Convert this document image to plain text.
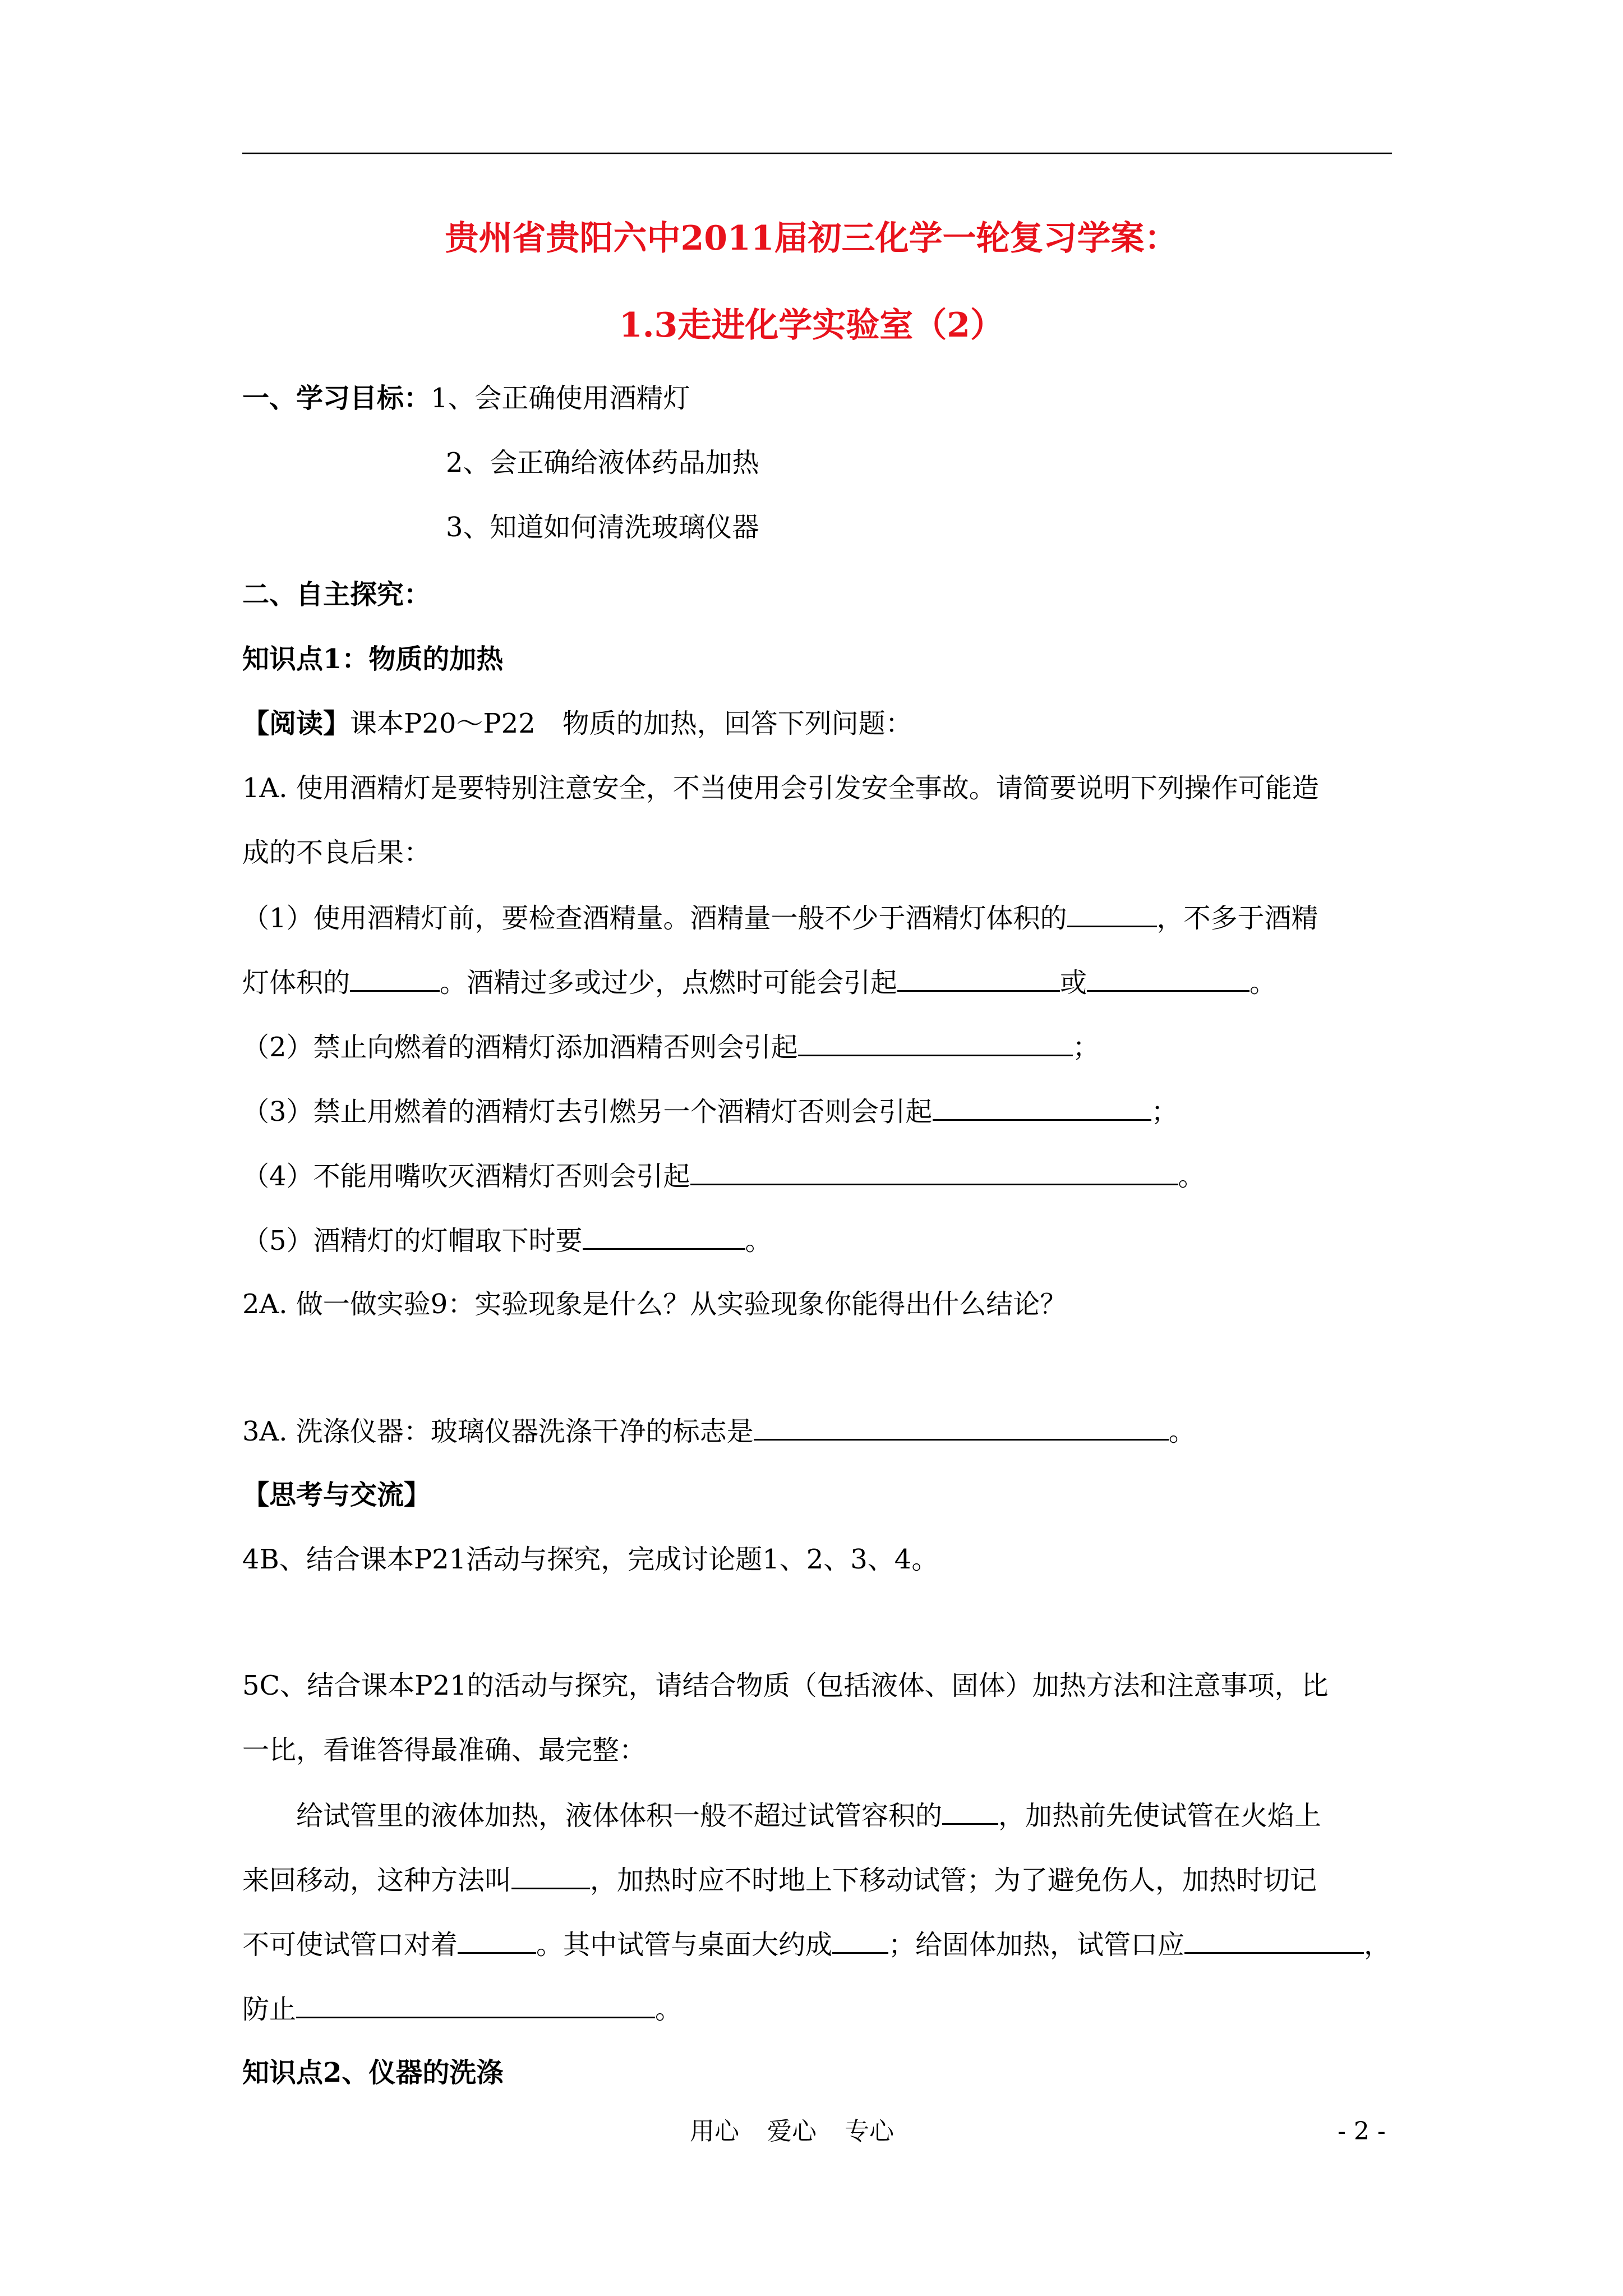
贵州省贵阳六中2011届初三化学一轮复习学案：
1.3走进化学实验室（2）
一、学习目标：1、会正确使用酒精灯
2、会正确给液体药品加热
3、知道如何清洗玻璃仪器
二、自主探究：
知识点1：物质的加热
【阅读】课本P20～P22　物质的加热，回答下列问题：
1A. 使用酒精灯是要特别注意安全，不当使用会引发安全事故。请简要说明下列操作可能造
成的不良后果：
（1）使用酒精灯前，要检查酒精量。酒精量一般不少于酒精灯体积的	，不多于酒精
灯体积的	。酒精过多或过少，点燃时可能会引起	或	。
（2）禁止向燃着的酒精灯添加酒精否则会引起	；
（3）禁止用燃着的酒精灯去引燃另一个酒精灯否则会引起	；
（4）不能用嘴吹灭酒精灯否则会引起	。
（5）酒精灯的灯帽取下时要	。
2A. 做一做实验9：实验现象是什么？从实验现象你能得出什么结论？
3A. 洗涤仪器：玻璃仪器洗涤干净的标志是	。
【思考与交流】
4B、结合课本P21活动与探究，完成讨论题1、2、3、4。
5C、结合课本P21的活动与探究，请结合物质（包括液体、固体）加热方法和注意事项，比
一比，看谁答得最准确、最完整：
给试管里的液体加热，液体体积一般不超过试管容积的 ，加热前先使试管在火焰上
来回移动，这种方法叫	，加热时应不时地上下移动试管；为了避免伤人，加热时切记
不可使试管口对着	。其中试管与桌面大约成 ；给固体加热，试管口应	，
防止	。
知识点2、仪器的洗涤
用心 爱心 专心	- 2 -
